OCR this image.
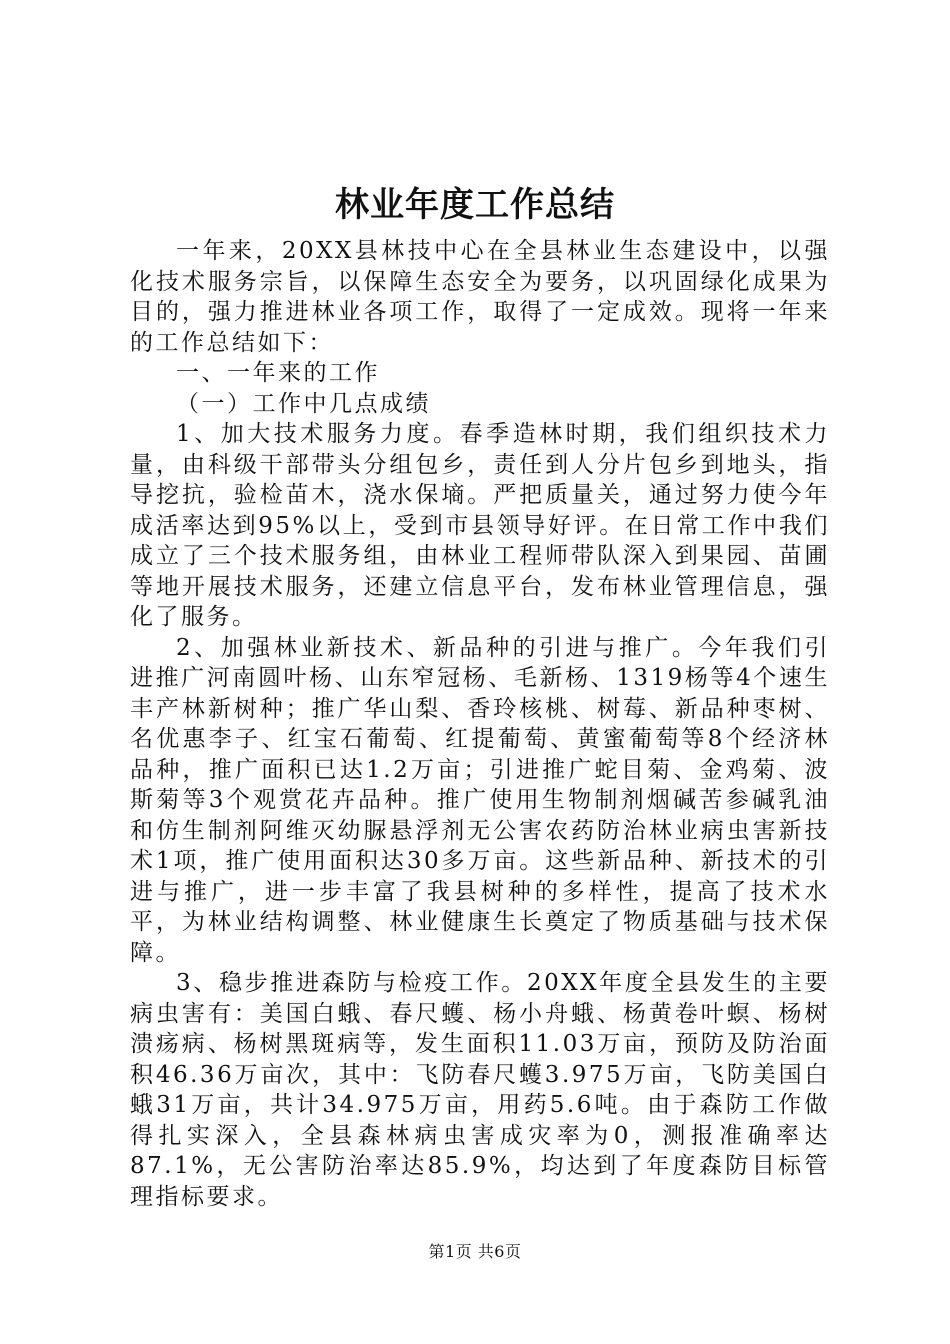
林业年度工作总结

一年来，20XX县林技中心在全县林业生态建设中，以强化技术服务宗旨，以保障生态安全为要务，以巩固绿化成果为目的，强力推进林业各项工作，取得了一定成效。现将一年来的工作总结如下：

一、一年来的工作

（一）工作中几点成绩

1、加大技术服务力度。春季造林时期，我们组织技术力量，由科级干部带头分组包乡，责任到人分片包乡到地头，指导挖抗，验检苗木，浇水保墒。严把质量关，通过努力使今年成活率达到95%以上，受到市县领导好评。在日常工作中我们成立了三个技术服务组，由林业工程师带队深入到果园、苗圃等地开展技术服务，还建立信息平台，发布林业管理信息，强化了服务。

2、加强林业新技术、新品种的引进与推广。今年我们引进推广河南圆叶杨、山东窄冠杨、毛新杨、1319杨等4个速生丰产林新树种；推广华山梨、香玲核桃、树莓、新品种枣树、名优惠李子、红宝石葡萄、红提葡萄、黄蜜葡萄等8个经济林品种，推广面积已达1.2万亩；引进推广蛇目菊、金鸡菊、波斯菊等3个观赏花卉品种。推广使用生物制剂烟碱苦参碱乳油和仿生制剂阿维灭幼脲悬浮剂无公害农药防治林业病虫害新技术1项，推广使用面积达30多万亩。这些新品种、新技术的引进与推广，进一步丰富了我县树种的多样性，提高了技术水平，为林业结构调整、林业健康生长奠定了物质基础与技术保障。

3、稳步推进森防与检疫工作。20XX年度全县发生的主要病虫害有：美国白蛾、春尺蠖、杨小舟蛾、杨黄卷叶螟、杨树溃疡病、杨树黑斑病等，发生面积11.03万亩，预防及防治面积46.36万亩次，其中：飞防春尺蠖3.975万亩，飞防美国白蛾31万亩，共计34.975万亩，用药5.6吨。由于森防工作做得扎实深入，全县森林病虫害成灾率为0，测报准确率达87.1%，无公害防治率达85.9%，均达到了年度森防目标管理指标要求。

第1页 共6页
